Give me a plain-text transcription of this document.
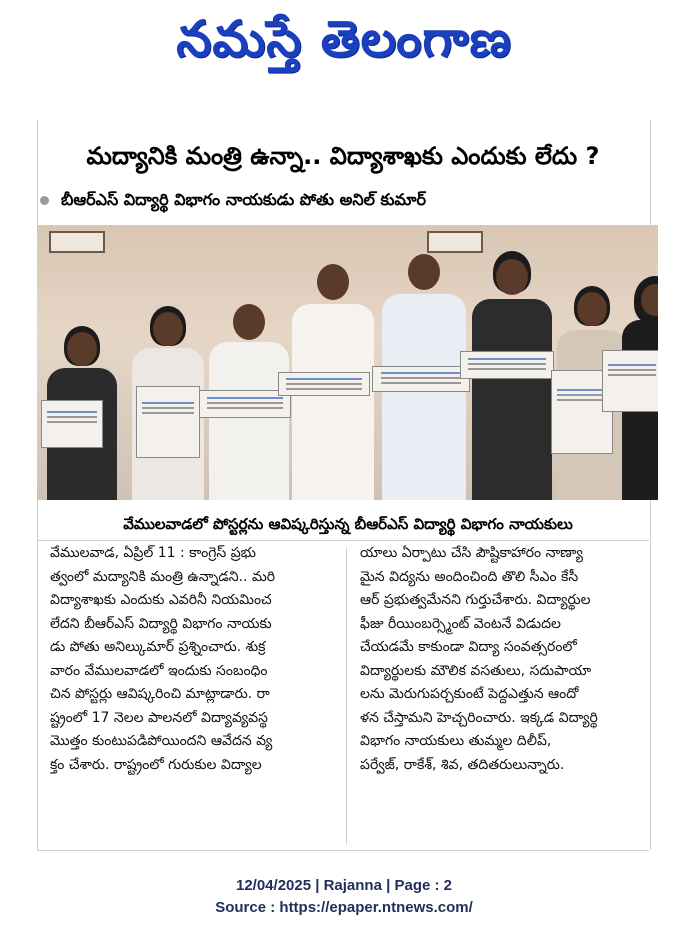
నమస్తే తెలంగాణ
మద్యానికి మంత్రి ఉన్నా.. విద్యాశాఖకు ఎందుకు లేదు ?
బీఆర్ఎస్ విద్యార్థి విభాగం నాయకుడు పోతు అనిల్ కుమార్
వేములవాడలో పోస్టర్లను ఆవిష్కరిస్తున్న బీఆర్ఎస్ విద్యార్థి విభాగం నాయకులు
వేములవాడ, ఏప్రిల్ 11 : కాంగ్రెస్ ప్రభు
త్వంలో మద్యానికి మంత్రి ఉన్నాడని.. మరి
విద్యాశాఖకు ఎందుకు ఎవరినీ నియమించ
లేదని బీఆర్ఎస్ విద్యార్థి విభాగం నాయకు
డు పోతు అనిల్కుమార్ ప్రశ్నించారు. శుక్ర
వారం వేములవాడలో ఇందుకు సంబంధిం
చిన పోస్టర్లు ఆవిష్కరించి మాట్లాడారు. రా
ష్ట్రంలో 17 నెలల పాలనలో విద్యావ్యవస్థ
మొత్తం కుంటుపడిపోయిందని ఆవేదన వ్య
క్తం చేశారు. రాష్ట్రంలో గురుకుల విద్యాల
యాలు ఏర్పాటు చేసి పౌష్టికాహారం నాణ్యా
మైన విద్యను అందించింది తొలి సీఎం కేసీ
ఆర్ ప్రభుత్వమేనని గుర్తుచేశారు. విద్యార్థుల
ఫీజు రీయింబర్స్మెంట్ వెంటనే విడుదల
చేయడమే కాకుండా విద్యా సంవత్సరంలో
విద్యార్థులకు మౌలిక వసతులు, సదుపాయా
లను మెరుగుపర్చకుంటే పెద్దఎత్తున ఆందో
ళన చేస్తామని హెచ్చరించారు. ఇక్కడ విద్యార్థి
విభాగం నాయకులు తుమ్మల దిలీప్,
పర్వేజ్, రాకేశ్, శివ, తదితరులున్నారు.
12/04/2025 | Rajanna | Page : 2
Source : https://epaper.ntnews.com/
